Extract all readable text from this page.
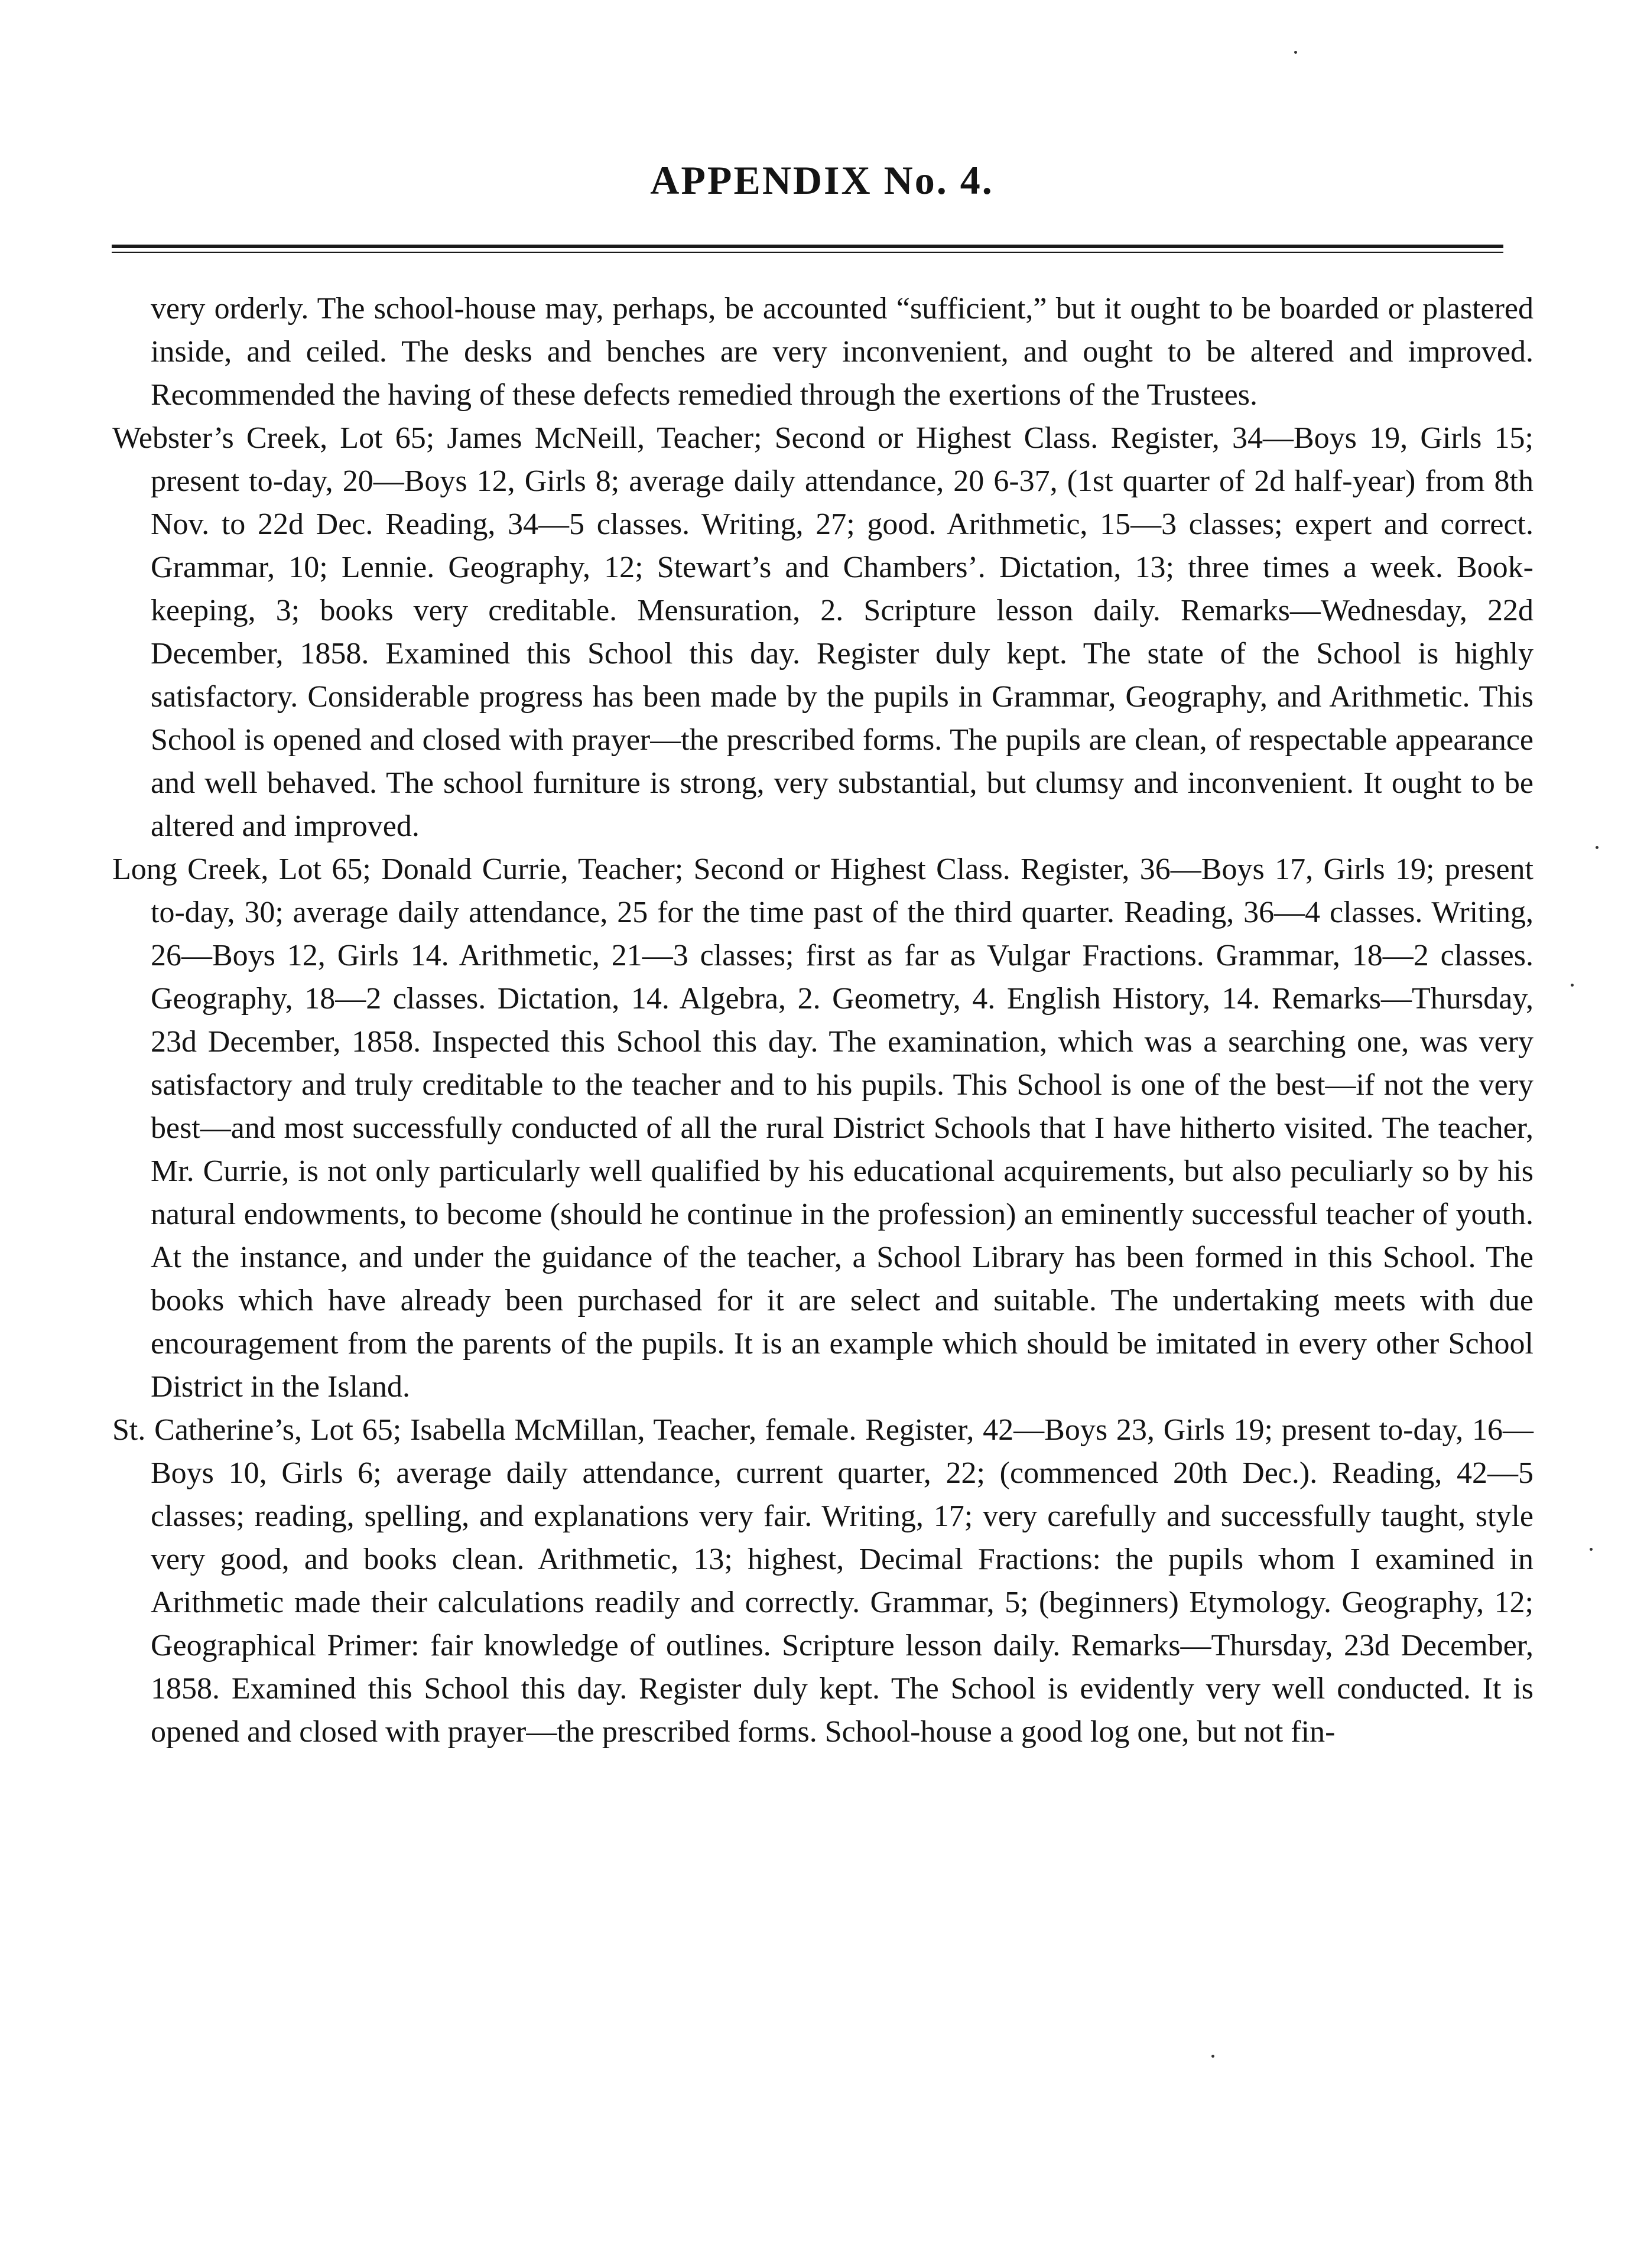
APPENDIX No. 4.

very orderly. The school-house may, perhaps, be accounted “sufficient,” but it ought to be boarded or plastered inside, and ceiled. The desks and benches are very inconvenient, and ought to be altered and improved. Recommended the having of these defects remedied through the exertions of the Trustees.

Webster’s Creek, Lot 65; James McNeill, Teacher; Second or Highest Class. Register, 34—Boys 19, Girls 15; present to-day, 20—Boys 12, Girls 8; average daily attendance, 20 6-37, (1st quarter of 2d half-year) from 8th Nov. to 22d Dec. Reading, 34—5 classes. Writing, 27; good. Arithmetic, 15—3 classes; expert and correct. Grammar, 10; Lennie. Geography, 12; Stewart’s and Chambers’. Dictation, 13; three times a week. Book-keeping, 3; books very creditable. Mensuration, 2. Scripture lesson daily. Remarks—Wednesday, 22d December, 1858. Examined this School this day. Register duly kept. The state of the School is highly satisfactory. Considerable progress has been made by the pupils in Grammar, Geography, and Arithmetic. This School is opened and closed with prayer—the prescribed forms. The pupils are clean, of respectable appearance and well behaved. The school furniture is strong, very substantial, but clumsy and inconvenient. It ought to be altered and improved.

Long Creek, Lot 65; Donald Currie, Teacher; Second or Highest Class. Register, 36—Boys 17, Girls 19; present to-day, 30; average daily attendance, 25 for the time past of the third quarter. Reading, 36—4 classes. Writing, 26—Boys 12, Girls 14. Arithmetic, 21—3 classes; first as far as Vulgar Fractions. Grammar, 18—2 classes. Geography, 18—2 classes. Dictation, 14. Algebra, 2. Geometry, 4. English History, 14. Remarks—Thursday, 23d December, 1858. Inspected this School this day. The examination, which was a searching one, was very satisfactory and truly creditable to the teacher and to his pupils. This School is one of the best—if not the very best—and most successfully conducted of all the rural District Schools that I have hitherto visited. The teacher, Mr. Currie, is not only particularly well qualified by his educational acquirements, but also peculiarly so by his natural endowments, to become (should he continue in the profession) an eminently successful teacher of youth. At the instance, and under the guidance of the teacher, a School Library has been formed in this School. The books which have already been purchased for it are select and suitable. The undertaking meets with due encouragement from the parents of the pupils. It is an example which should be imitated in every other School District in the Island.

St. Catherine’s, Lot 65; Isabella McMillan, Teacher, female. Register, 42—Boys 23, Girls 19; present to-day, 16—Boys 10, Girls 6; average daily attendance, current quarter, 22; (commenced 20th Dec.). Reading, 42—5 classes; reading, spelling, and explanations very fair. Writing, 17; very carefully and successfully taught, style very good, and books clean. Arithmetic, 13; highest, Decimal Fractions: the pupils whom I examined in Arithmetic made their calculations readily and correctly. Grammar, 5; (beginners) Etymology. Geography, 12; Geographical Primer: fair knowledge of outlines. Scripture lesson daily. Remarks—Thursday, 23d December, 1858. Examined this School this day. Register duly kept. The School is evidently very well conducted. It is opened and closed with prayer—the prescribed forms. School-house a good log one, but not fin-
